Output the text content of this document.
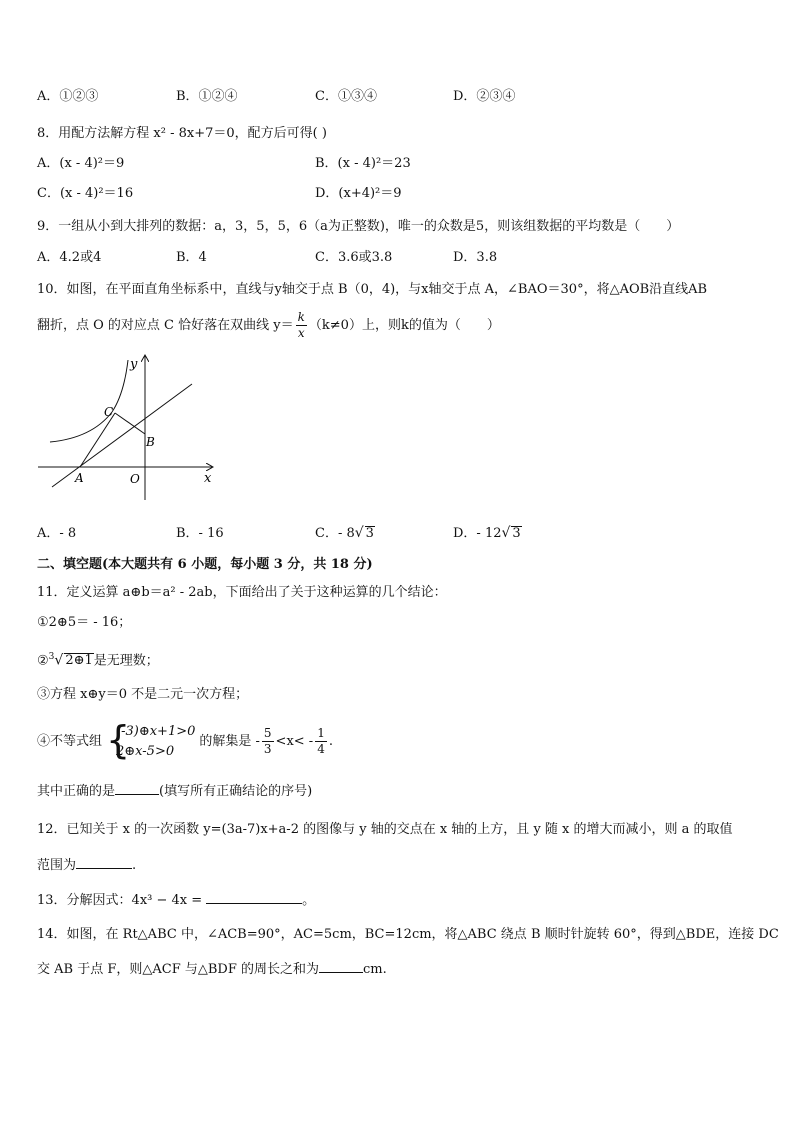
A．①②③	B．①②④	C．①③④	D．②③④
8．用配方法解方程 x² - 8x+7＝0，配方后可得( )
A．(x - 4)²＝9	B．(x - 4)²＝23
C．(x - 4)²＝16	D．(x+4)²＝9
9．一组从小到大排列的数据：a，3，5，5，6（a为正整数)，唯一的众数是5，则该组数据的平均数是（　　）
A．4.2或4	B．4	C．3.6或3.8	D．3.8
10．如图，在平面直角坐标系中，直线与y轴交于点 B（0，4)，与x轴交于点 A，∠BAO＝30°，将△AOB沿直线AB
翻折，点 O 的对应点 C 恰好落在双曲线 $y= \frac{k}{x} (k\ne 0)$上，则k的值为（　　）
y
x
C
B
A	O
A．- 8	B．- 16	C．- 8√ 3	D．- 12√ 3
二、填空题(本大题共有 6 小题，每小题 3 分，共 18 分)
11．定义运算 a⊕b＝a² - 2ab，下面给出了关于这种运算的几个结论：
①2⊕5＝ - 16；
②$^3$√ 2⊕1是无理数；
③方程 x⊕y＝0 不是二元一次方程；
④不等式组 {
(-3)⊕x+1>0
2⊕x-5>0
的解集是 - $\frac{5}{3} <x< - \frac{1}{4}$ .
其中正确的是	(填写所有正确结论的序号)
12．已知关于 x 的一次函数 y=(3a-7)x+a-2 的图像与 y 轴的交点在 x 轴的上方，且 y 随 x 的增大而减小，则 a 的取值
范围为	.
13．分解因式：4x³ − 4x =	。
14．如图，在 Rt△ABC 中，∠ACB=90°，AC=5cm，BC=12cm，将△ABC 绕点 B 顺时针旋转 60°，得到△BDE，连接 DC
交 AB 于点 F，则△ACF 与△BDF 的周长之和为	cm.
